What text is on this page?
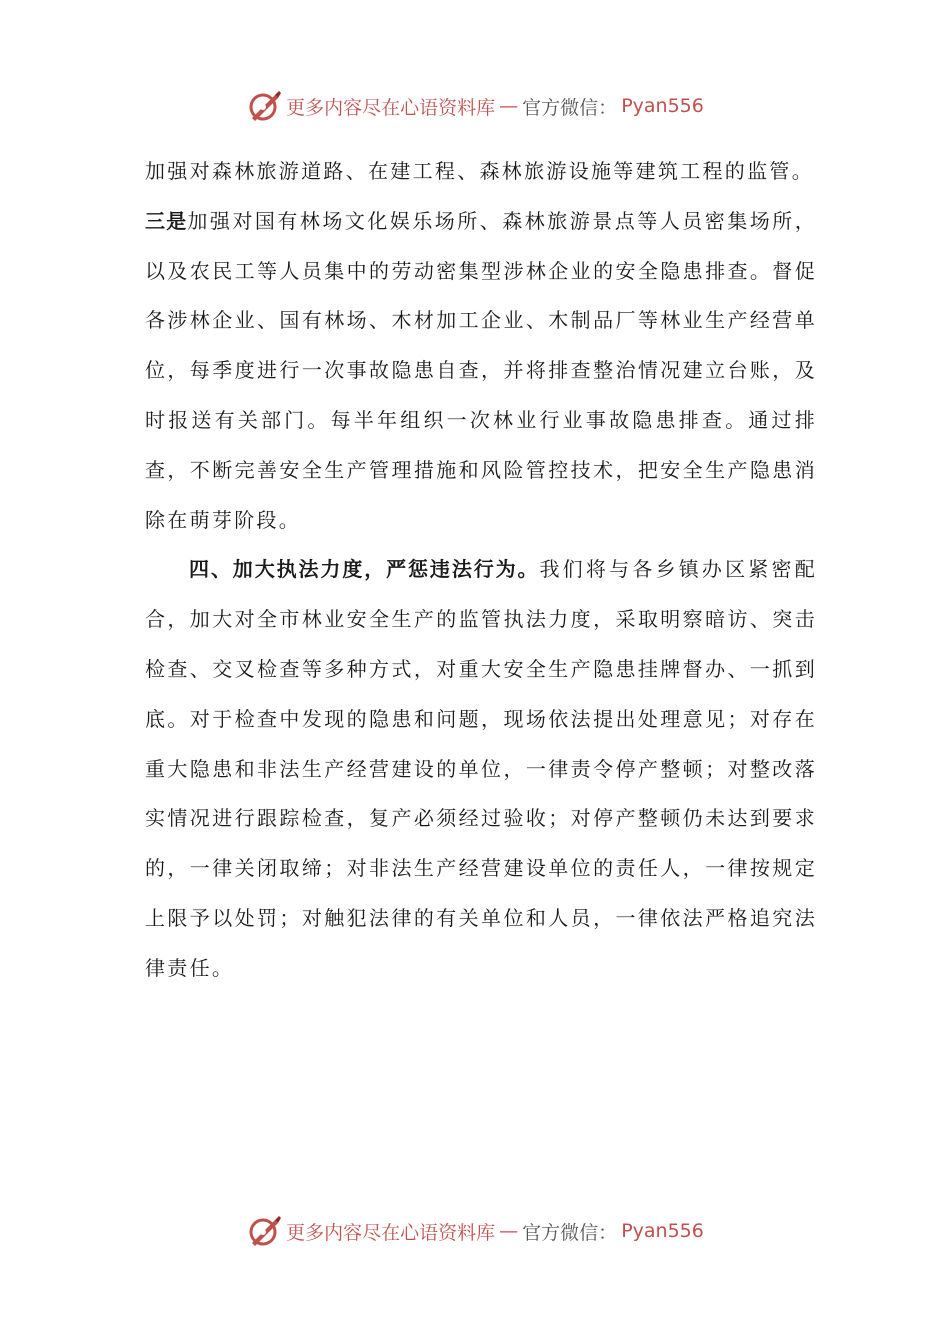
更多内容尽在心语资料库 — 官方微信： Pyan556

加强对森林旅游道路、在建工程、森林旅游设施等建筑工程的监管。

三是加强对国有林场文化娱乐场所、森林旅游景点等人员密集场所，以及农民工等人员集中的劳动密集型涉林企业的安全隐患排查。督促各涉林企业、国有林场、木材加工企业、木制品厂等林业生产经营单位，每季度进行一次事故隐患自查，并将排查整治情况建立台账，及时报送有关部门。每半年组织一次林业行业事故隐患排查。通过排查，不断完善安全生产管理措施和风险管控技术，把安全生产隐患消除在萌芽阶段。

四、加大执法力度，严惩违法行为。我们将与各乡镇办区紧密配合，加大对全市林业安全生产的监管执法力度，采取明察暗访、突击检查、交叉检查等多种方式，对重大安全生产隐患挂牌督办、一抓到底。对于检查中发现的隐患和问题，现场依法提出处理意见；对存在重大隐患和非法生产经营建设的单位，一律责令停产整顿；对整改落实情况进行跟踪检查，复产必须经过验收；对停产整顿仍未达到要求的，一律关闭取缔；对非法生产经营建设单位的责任人，一律按规定上限予以处罚；对触犯法律的有关单位和人员，一律依法严格追究法律责任。

更多内容尽在心语资料库 — 官方微信： Pyan556
